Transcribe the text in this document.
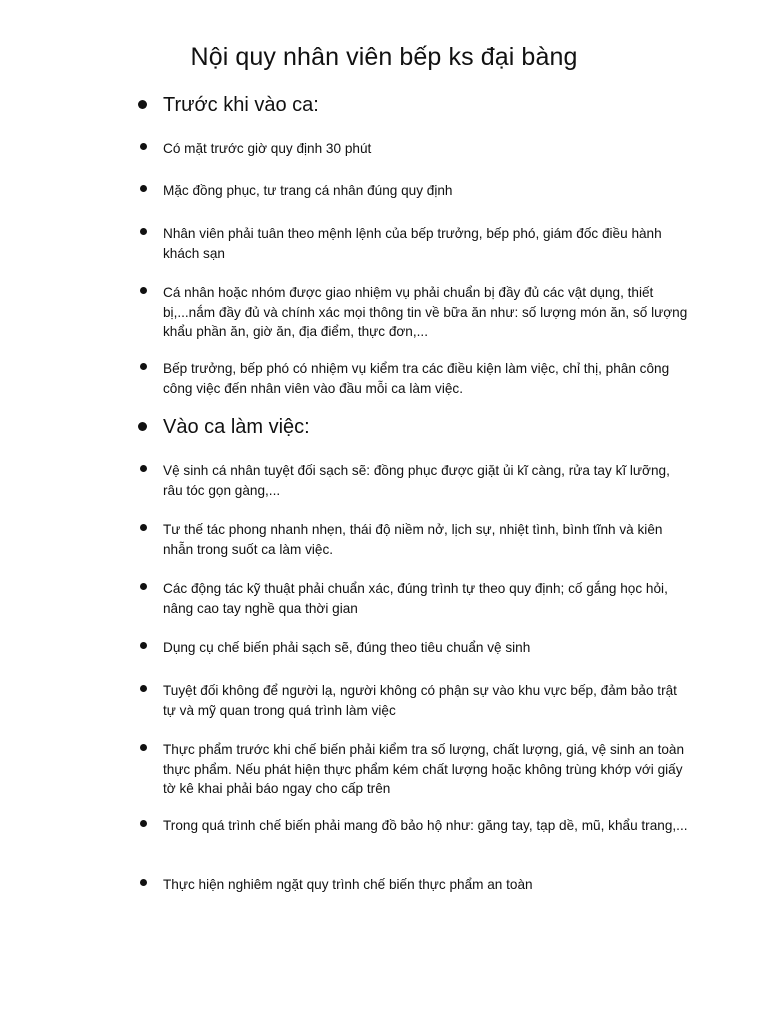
Nội quy nhân viên bếp ks đại bàng
Trước khi vào ca:
Có mặt trước giờ quy định 30 phút
Mặc đồng phục, tư trang cá nhân đúng quy định
Nhân viên phải tuân theo mệnh lệnh của bếp trưởng, bếp phó, giám đốc điều hành khách sạn
Cá nhân hoặc nhóm được giao nhiệm vụ phải chuẩn bị đầy đủ các vật dụng, thiết bị,...nắm đầy đủ và chính xác mọi thông tin về bữa ăn như: số lượng món ăn, số lượng khẩu phần ăn, giờ ăn, địa điểm, thực đơn,...
Bếp trưởng, bếp phó có nhiệm vụ kiểm tra các điều kiện làm việc, chỉ thị, phân công công việc đến nhân viên vào đầu mỗi ca làm việc.
Vào ca làm việc:
Vệ sinh cá nhân tuyệt đối sạch sẽ: đồng phục được giặt ủi kĩ càng, rửa tay kĩ lưỡng, râu tóc gọn gàng,...
Tư thế tác phong nhanh nhẹn, thái độ niềm nở, lịch sự, nhiệt tình, bình tĩnh và kiên nhẫn trong suốt ca làm việc.
Các động tác kỹ thuật phải chuẩn xác, đúng trình tự theo quy định; cố gắng học hỏi, nâng cao tay nghề qua thời gian
Dụng cụ chế biến phải sạch sẽ, đúng theo tiêu chuẩn vệ sinh
Tuyệt đối không để người lạ, người không có phận sự vào khu vực bếp, đảm bảo trật tự và mỹ quan trong quá trình làm việc
Thực phẩm trước khi chế biến phải kiểm tra số lượng, chất lượng, giá, vệ sinh an toàn thực phẩm. Nếu phát hiện thực phẩm kém chất lượng hoặc không trùng khớp với giấy tờ kê khai phải báo ngay cho cấp trên
Trong quá trình chế biến phải mang đồ bảo hộ như: găng tay, tạp dề, mũ, khẩu trang,...
Thực hiện nghiêm ngặt quy trình chế biến thực phẩm an toàn
